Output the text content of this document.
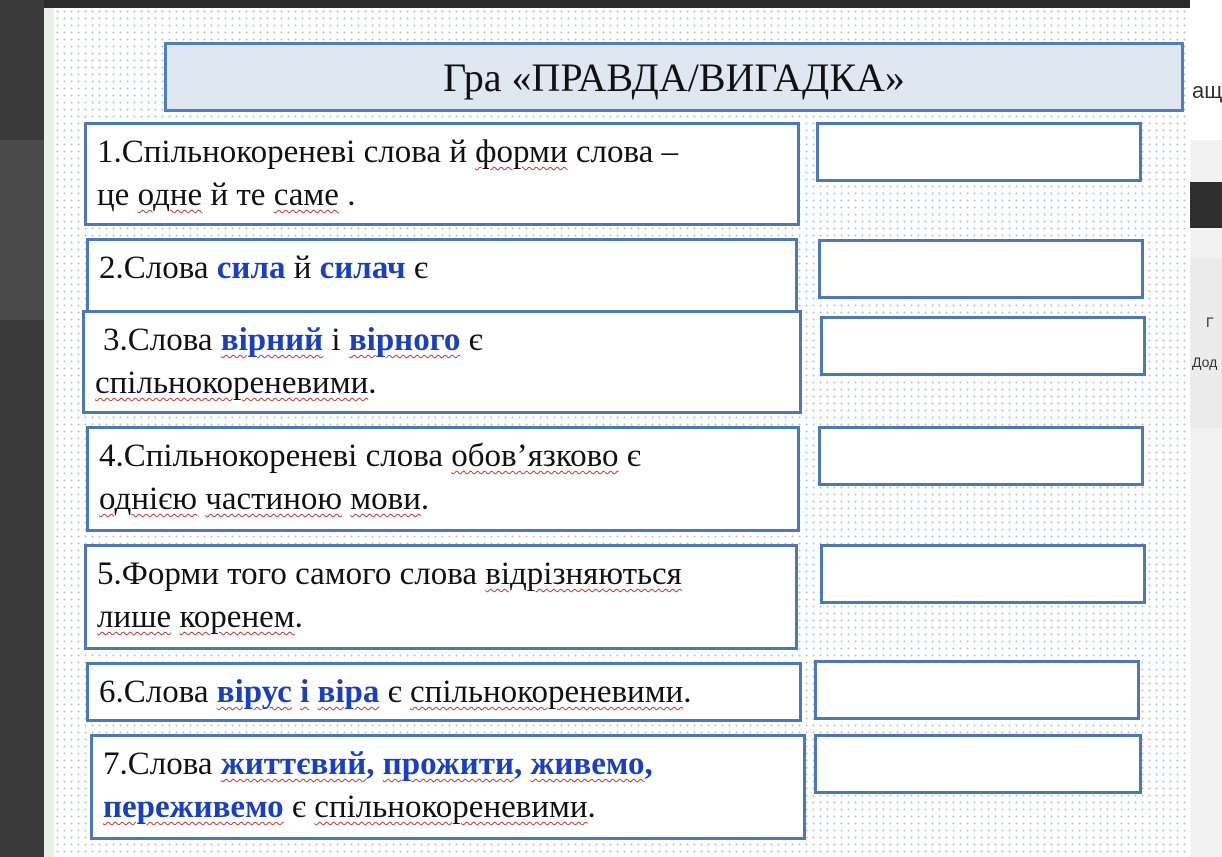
ащ
Г
Дод
Гра «ПРАВДА/ВИГАДКА»
1.Спільнокореневі слова й форми слова –
це одне й те саме .
2.Слова сила й силач є
3.Слова вірний і вірного є
спільнокореневими.
4.Спільнокореневі слова обов’язково є
однією частиною мови.
5.Форми того самого слова відрізняються
лише коренем.
6.Слова вірус і віра є спільнокореневими.
7.Слова життєвий, прожити, живемо,
переживемо є спільнокореневими.
